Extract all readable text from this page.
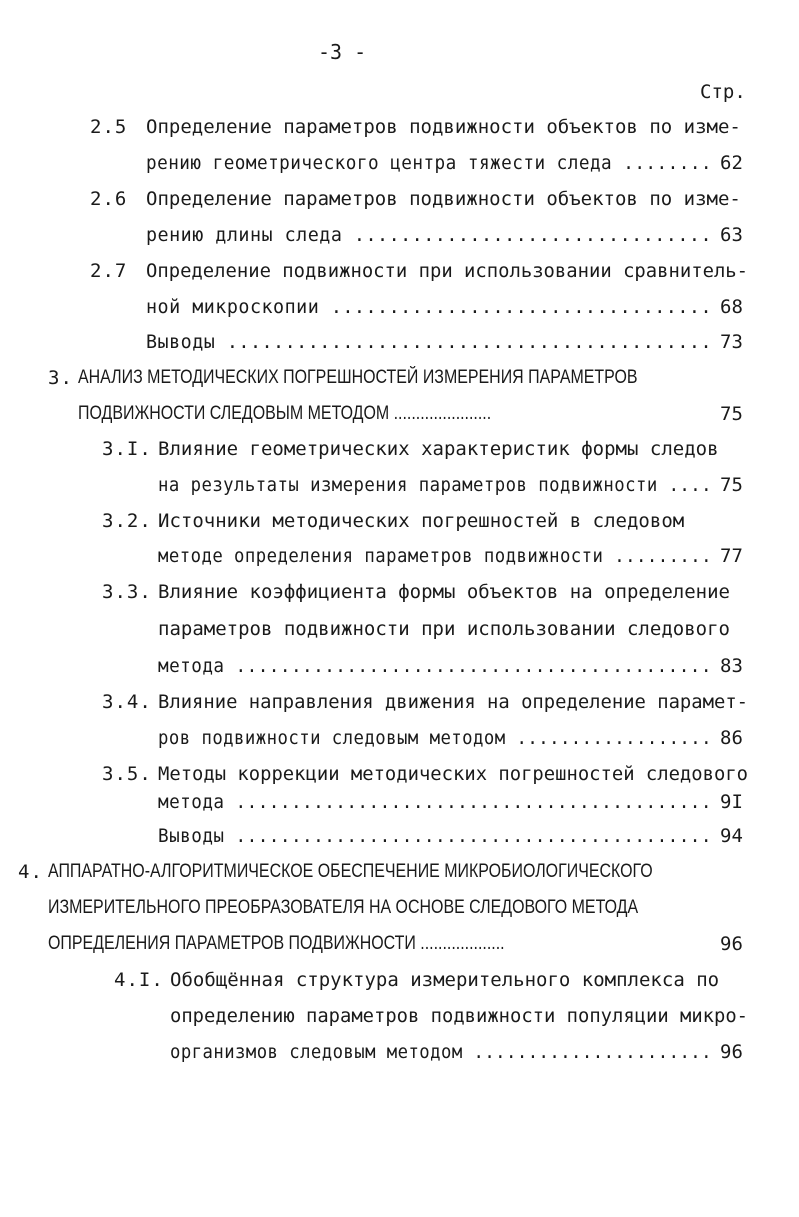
-3 -
Стр.
2.5 Определение параметров подвижности объектов по изме-
рению геометрического центра тяжести следа ........ 62
2.6 Определение параметров подвижности объектов по изме-
рению длины следа ............................... 63
2.7 Определение подвижности при использовании сравнитель-
ной микроскопии ................................. 68
Выводы .......................................... 73
3. АНАЛИЗ МЕТОДИЧЕСКИХ ПОГРЕШНОСТЕЙ ИЗМЕРЕНИЯ ПАРАМЕТРОВ
ПОДВИЖНОСТИ СЛЕДОВЫМ МЕТОДОМ ......................	75
3.I. Влияние геометрических характеристик формы следов
на результаты измерения параметров подвижности .... 75
3.2. Источники методических погрешностей в следовом
методе определения параметров подвижности ......... 77
3.3. Влияние коэффициента формы объектов на определение
параметров подвижности при использовании следового
метода ........................................... 83
3.4. Влияние направления движения на определение парамет-
ров подвижности следовым методом .................. 86
3.5. Методы коррекции методических погрешностей следового
метода ........................................... 9I
Выводы ........................................... 94
4. АППАРАТНО-АЛГОРИТМИЧЕСКОЕ ОБЕСПЕЧЕНИЕ МИКРОБИОЛОГИЧЕСКОГО
ИЗМЕРИТЕЛЬНОГО ПРЕОБРАЗОВАТЕЛЯ НА ОСНОВЕ СЛЕДОВОГО МЕТОДА
ОПРЕДЕЛЕНИЯ ПАРАМЕТРОВ ПОДВИЖНОСТИ ...................	96
4.I. Обобщённая структура измерительного комплекса по
определению параметров подвижности популяции микро-
организмов следовым методом ...................... 96
